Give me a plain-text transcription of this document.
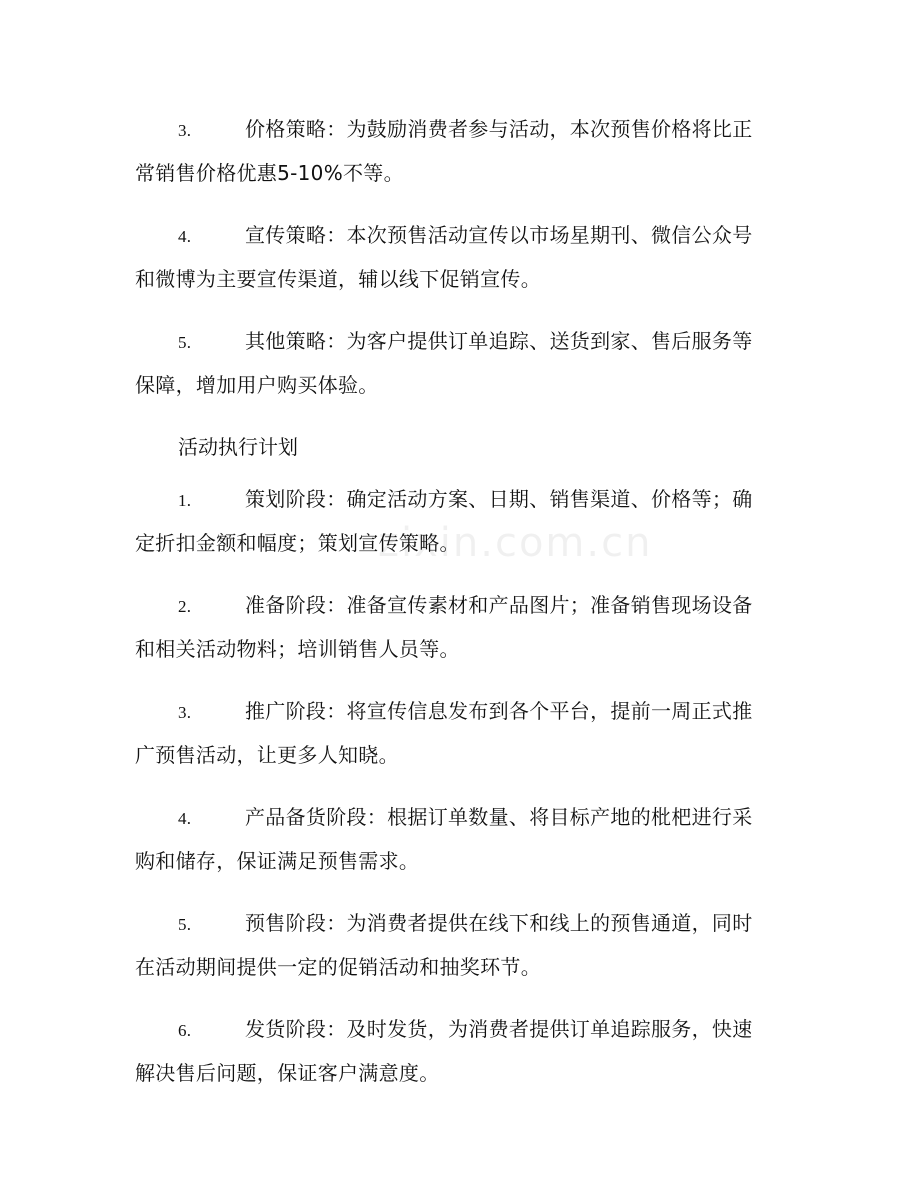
zixin.com.cn
3.	价格策略：为鼓励消费者参与活动，本次预售价格将比正
常销售价格优惠5-10%不等。
4.	宣传策略：本次预售活动宣传以市场星期刊、微信公众号
和微博为主要宣传渠道，辅以线下促销宣传。
5.	其他策略：为客户提供订单追踪、送货到家、售后服务等
保障，增加用户购买体验。
活动执行计划
1.	策划阶段：确定活动方案、日期、销售渠道、价格等；确
定折扣金额和幅度；策划宣传策略。
2.	准备阶段：准备宣传素材和产品图片；准备销售现场设备
和相关活动物料；培训销售人员等。
3.	推广阶段：将宣传信息发布到各个平台，提前一周正式推
广预售活动，让更多人知晓。
4.	产品备货阶段：根据订单数量、将目标产地的枇杷进行采
购和储存，保证满足预售需求。
5.	预售阶段：为消费者提供在线下和线上的预售通道，同时
在活动期间提供一定的促销活动和抽奖环节。
6.	发货阶段：及时发货，为消费者提供订单追踪服务，快速
解决售后问题，保证客户满意度。
